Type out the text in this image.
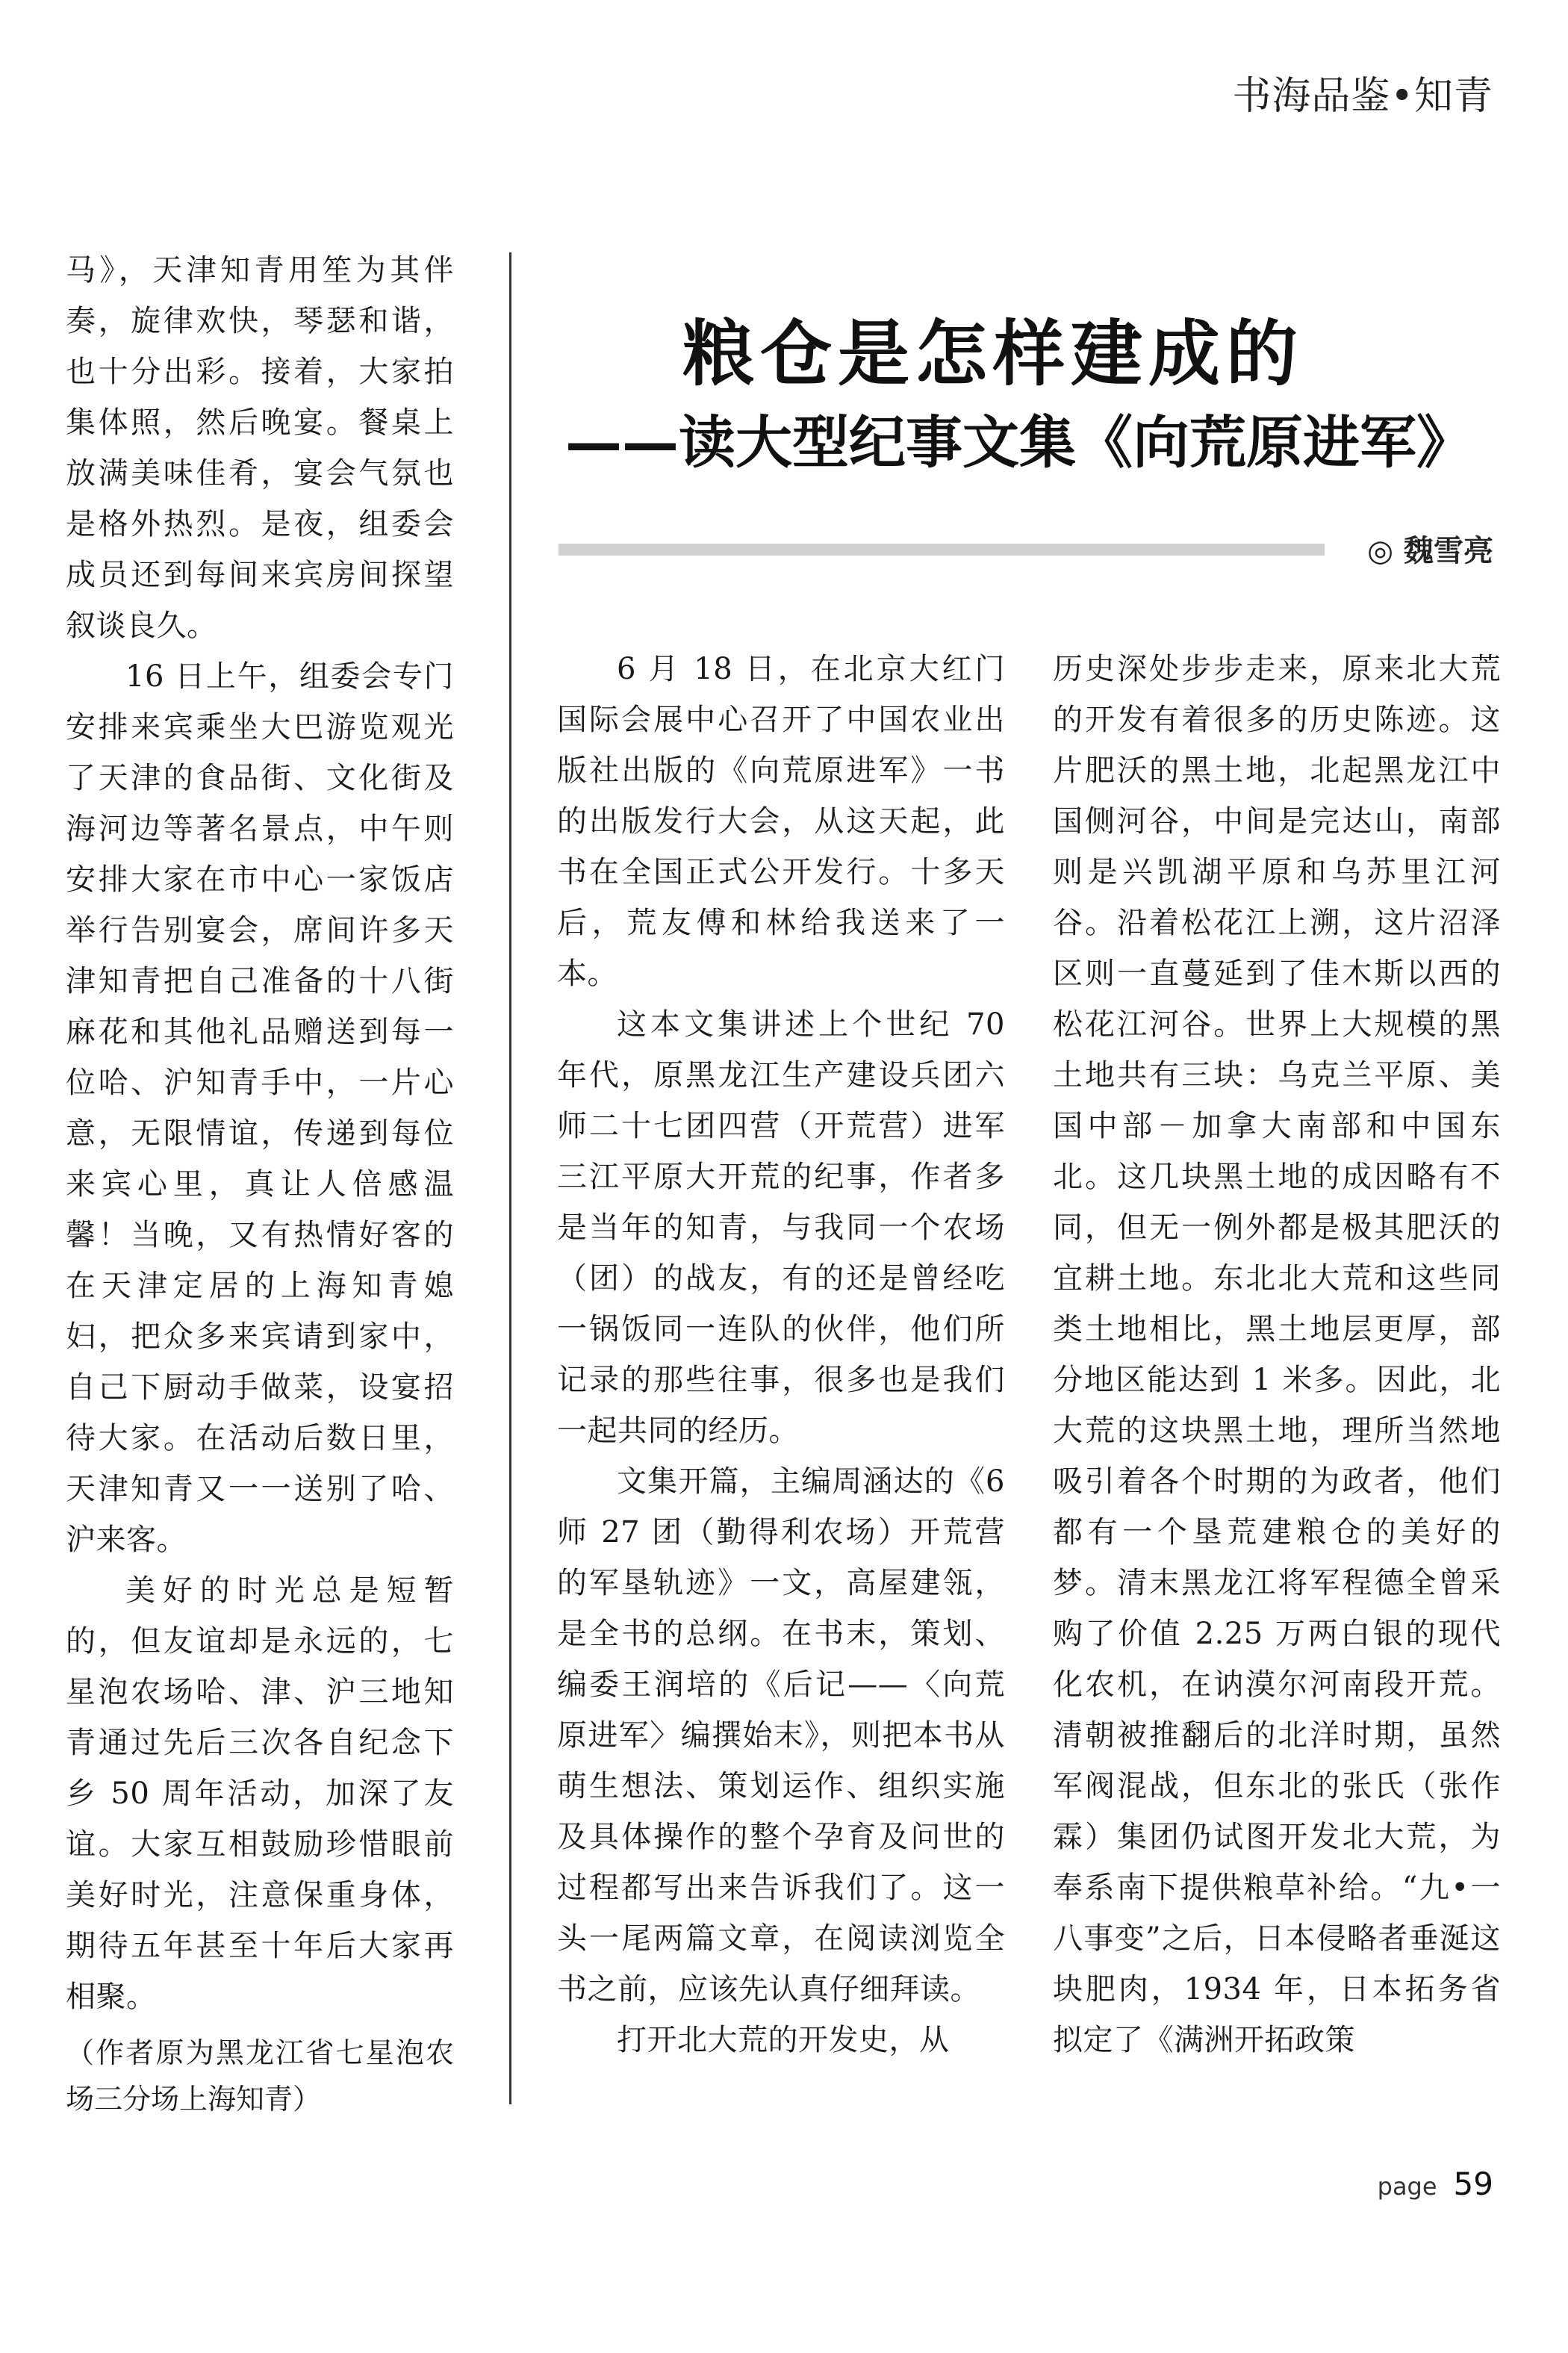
书海品鉴•知青

马》，天津知青用笙为其伴奏，旋律欢快，琴瑟和谐，也十分出彩。接着，大家拍集体照，然后晚宴。餐桌上放满美味佳肴，宴会气氛也是格外热烈。是夜，组委会成员还到每间来宾房间探望叙谈良久。

16 日上午，组委会专门安排来宾乘坐大巴游览观光了天津的食品街、文化街及海河边等著名景点，中午则安排大家在市中心一家饭店举行告别宴会，席间许多天津知青把自己准备的十八街麻花和其他礼品赠送到每一位哈、沪知青手中，一片心意，无限情谊，传递到每位来宾心里，真让人倍感温馨！当晚，又有热情好客的在天津定居的上海知青媳妇，把众多来宾请到家中，自己下厨动手做菜，设宴招待大家。在活动后数日里，天津知青又一一送别了哈、沪来客。

美好的时光总是短暂的，但友谊却是永远的，七星泡农场哈、津、沪三地知青通过先后三次各自纪念下乡 50 周年活动，加深了友谊。大家互相鼓励珍惜眼前美好时光，注意保重身体，期待五年甚至十年后大家再相聚。

（作者原为黑龙江省七星泡农场三分场上海知青）

粮仓是怎样建成的
——读大型纪事文集《向荒原进军》
◎ 魏雪亮

6 月 18 日，在北京大红门国际会展中心召开了中国农业出版社出版的《向荒原进军》一书的出版发行大会，从这天起，此书在全国正式公开发行。十多天后，荒友傅和林给我送来了一本。

这本文集讲述上个世纪 70 年代，原黑龙江生产建设兵团六师二十七团四营（开荒营）进军三江平原大开荒的纪事，作者多是当年的知青，与我同一个农场（团）的战友，有的还是曾经吃一锅饭同一连队的伙伴，他们所记录的那些往事，很多也是我们一起共同的经历。

文集开篇，主编周涵达的《6 师 27 团（勤得利农场）开荒营的军垦轨迹》一文，高屋建瓴，是全书的总纲。在书末，策划、编委王润培的《后记——〈向荒原进军〉编撰始末》，则把本书从萌生想法、策划运作、组织实施及具体操作的整个孕育及问世的过程都写出来告诉我们了。这一头一尾两篇文章，在阅读浏览全书之前，应该先认真仔细拜读。

打开北大荒的开发史，从

历史深处步步走来，原来北大荒的开发有着很多的历史陈迹。这片肥沃的黑土地，北起黑龙江中国侧河谷，中间是完达山，南部则是兴凯湖平原和乌苏里江河谷。沿着松花江上溯，这片沼泽区则一直蔓延到了佳木斯以西的松花江河谷。世界上大规模的黑土地共有三块：乌克兰平原、美国中部－加拿大南部和中国东北。这几块黑土地的成因略有不同，但无一例外都是极其肥沃的宜耕土地。东北北大荒和这些同类土地相比，黑土地层更厚，部分地区能达到 1 米多。因此，北大荒的这块黑土地，理所当然地吸引着各个时期的为政者，他们都有一个垦荒建粮仓的美好的梦。清末黑龙江将军程德全曾采购了价值 2.25 万两白银的现代化农机，在讷漠尔河南段开荒。清朝被推翻后的北洋时期，虽然军阀混战，但东北的张氏（张作霖）集团仍试图开发北大荒，为奉系南下提供粮草补给。“九•一八事变”之后，日本侵略者垂涎这块肥肉，1934 年，日本拓务省拟定了《满洲开拓政策

page 59
